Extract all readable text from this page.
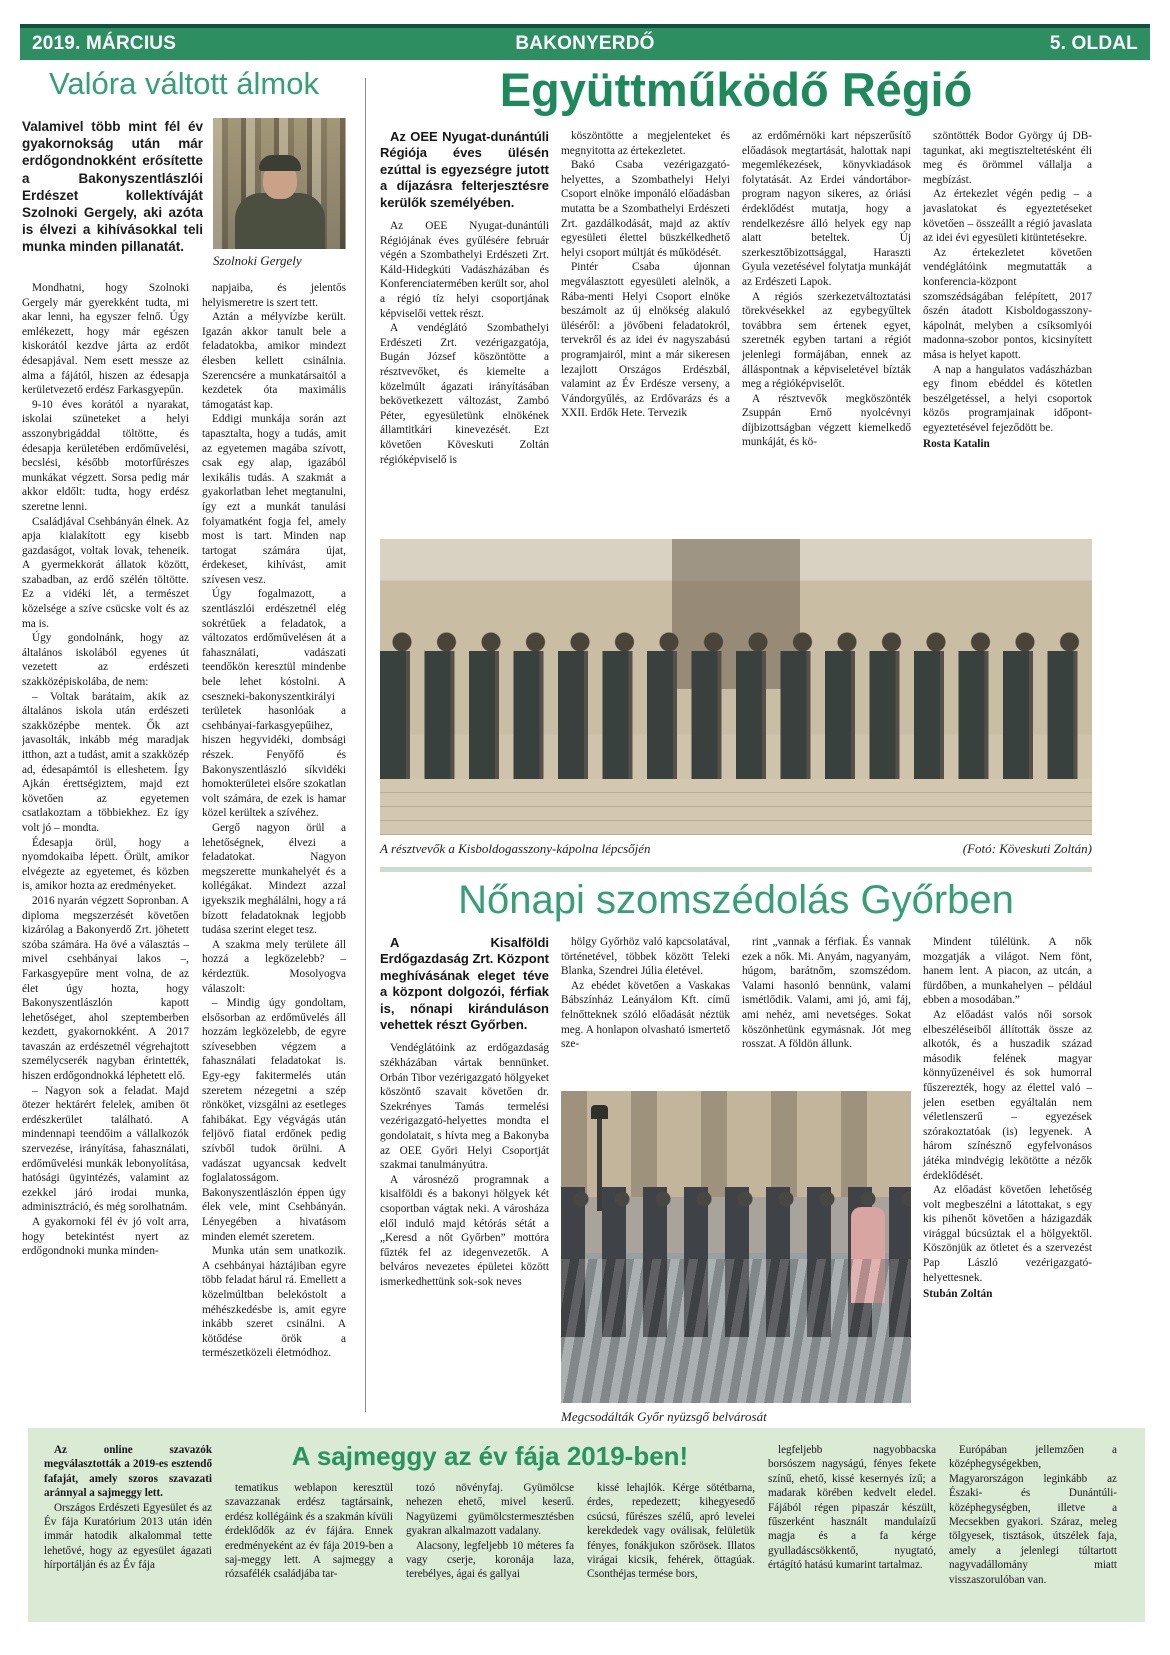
2019. MÁRCIUS	BAKONYERDŐ	5. OLDAL
Valóra váltott álmok

Valamivel több mint fél év gyakornokság után már erdőgondnokként erősítette a Bakonyszentlászlói Erdészet kollektíváját Szolnoki Gergely, aki azóta is élvezi a kihívásokkal teli munka minden pillanatát.

Szolnoki Gergely

Mondhatni, hogy Szolnoki Gergely már gyerekként tudta, mi akar lenni, ha egyszer felnő. Úgy emlékezett, hogy már egészen kiskorától kezdve járta az erdőt édesapjával. Nem esett messze az alma a fájától, hiszen az édesapja kerületvezető erdész Farkasgyepűn.

9-10 éves korától a nyarakat, iskolai szüneteket a helyi asszonybrigáddal töltötte, és édesapja kerületében erdőművelési, becslési, később motorfűrészes munkákat végzett. Sorsa pedig már akkor eldőlt: tudta, hogy erdész szeretne lenni.

Családjával Csehbányán élnek. Az apja kialakított egy kisebb gazdaságot, voltak lovak, teheneik. A gyermekkorát állatok között, szabadban, az erdő szélén töltötte. Ez a vidéki lét, a természet közelsége a szíve csücske volt és az ma is.

Úgy gondolnánk, hogy az általános iskolából egyenes út vezetett az erdészeti szakközépiskolába, de nem:

– Voltak barátaim, akik az általános iskola után erdészeti szakközépbe mentek. Ők azt javasolták, inkább még maradjak itthon, azt a tudást, amit a szakközép ad, édesapámtól is elleshetem. Így Ajkán érettségiztem, majd ezt követően az egyetemen csatlakoztam a többiekhez. Ez így volt jó – mondta.

Édesapja örül, hogy a nyomdokaiba lépett. Örült, amikor elvégezte az egyetemet, és közben is, amikor hozta az eredményeket.

2016 nyarán végzett Sopronban. A diploma megszerzését követően kizárólag a Bakonyerdő Zrt. jöhetett szóba számára. Ha övé a választás – mivel csehbányai lakos –, Farkasgyepűre ment volna, de az élet úgy hozta, hogy Bakonyszentlászlón kapott lehetőséget, ahol szeptemberben kezdett, gyakornokként. A 2017 tavaszán az erdészetnél végrehajtott személycserék nagyban érintették, hiszen erdőgondnokká léphetett elő.

– Nagyon sok a feladat. Majd ötezer hektárért felelek, amiben öt erdészkerület található. A mindennapi teendőim a vállalkozók szervezése, irányítása, fahasználati, erdőművelési munkák lebonyolítása, hatósági ügyintézés, valamint az ezekkel járó irodai munka, adminisztráció, és még sorolhatnám.

A gyakornoki fél év jó volt arra, hogy betekintést nyert az erdőgondnoki munka minden-

napjaiba, és jelentős helyismeretre is szert tett.

Aztán a mélyvízbe került. Igazán akkor tanult bele a feladatokba, amikor mindezt élesben kellett csinálnia. Szerencsére a munkatársaitól a kezdetek óta maximális támogatást kap.

Eddigi munkája során azt tapasztalta, hogy a tudás, amit az egyetemen magába szívott, csak egy alap, igazából lexikális tudás. A szakmát a gyakorlatban lehet megtanulni, így ezt a munkát tanulási folyamatként fogja fel, amely most is tart. Minden nap tartogat számára újat, érdekeset, kihívást, amit szívesen vesz.

Úgy fogalmazott, a szentlászlói erdészetnél elég sokrétűek a feladatok, a változatos erdőművelésen át a fahasználati, vadászati teendőkön keresztül mindenbe bele lehet kóstolni. A cseszneki-bakonyszentkirályi területek hasonlóak a csehbányai-farkasgyepűihez, hiszen hegyvidéki, dombsági részek. Fenyőfő és Bakonyszentlászló síkvidéki homokterületei elsőre szokatlan volt számára, de ezek is hamar közel kerültek a szívéhez.

Gergő nagyon örül a lehetőségnek, élvezi a feladatokat. Nagyon megszerette munkahelyét és a kollégákat. Mindezt azzal igyekszik meghálálni, hogy a rá bízott feladatoknak legjobb tudása szerint eleget tesz.

A szakma mely területe áll hozzá a legközelebb? – kérdeztük. Mosolyogva válaszolt:

– Mindig úgy gondoltam, elsősorban az erdőművelés áll hozzám legközelebb, de egyre szívesebben végzem a fahasználati feladatokat is. Egy-egy fakitermelés után szeretem nézegetni a szép rönköket, vizsgálni az esetleges fahibákat. Egy végvágás után feljövő fiatal erdőnek pedig szívből tudok örülni. A vadászat ugyancsak kedvelt foglalatosságom. Bakonyszentlászlón éppen úgy élek vele, mint Csehbányán. Lényegében a hivatásom minden elemét szeretem.

Munka után sem unatkozik. A csehbányai háztájiban egyre több feladat hárul rá. Emellett a közelmúltban belekóstolt a méhészkedésbe is, amit egyre inkább szeret csinálni. A kötődése örök a természetközeli életmódhoz.

Együttműködő Régió

Az OEE Nyugat-dunántúli Régiója éves ülésén ezúttal is egyezségre jutott a díjazásra felterjesztésre kerülők személyében.

Az OEE Nyugat-dunántúli Régiójának éves gyűlésére február végén a Szombathelyi Erdészeti Zrt. Káld-Hidegkúti Vadászházában és Konferenciatermében került sor, ahol a régió tíz helyi csoportjának képviselői vettek részt.

A vendéglátó Szombathelyi Erdészeti Zrt. vezérigazgatója, Bugán József köszöntötte a résztvevőket, és kiemelte a közelmúlt ágazati irányításában bekövetkezett változást, Zambó Péter, egyesületünk elnökének államtitkári kinevezését. Ezt követően Köveskuti Zoltán régióképviselő is

köszöntötte a megjelenteket és megnyitotta az értekezletet.

Bakó Csaba vezérigazgató-helyettes, a Szombathelyi Helyi Csoport elnöke imponáló előadásban mutatta be a Szombathelyi Erdészeti Zrt. gazdálkodását, majd az aktív egyesületi élettel büszkélkedhető helyi csoport múltját és működését.

Pintér Csaba újonnan megválasztott egyesületi alelnök, a Rába-menti Helyi Csoport elnöke beszámolt az új elnökség alakuló üléséről: a jövőbeni feladatokról, tervekről és az idei év nagyszabású programjairól, mint a már sikeresen lezajlott Országos Erdészbál, valamint az Év Erdésze verseny, a Vándorgyűlés, az Erdővarázs és a XXII. Erdők Hete. Tervezik

az erdőmérnöki kart népszerűsítő előadások megtartását, halottak napi megemlékezések, könyvkiadások folytatását. Az Erdei vándortábor-program nagyon sikeres, az óriási érdeklődést mutatja, hogy a rendelkezésre álló helyek egy nap alatt beteltek. Új szerkesztőbizottsággal, Haraszti Gyula vezetésével folytatja munkáját az Erdészeti Lapok.

A régiós szerkezetváltoztatási törekvésekkel az egybegyűltek továbbra sem értenek egyet, szeretnék egyben tartani a régiót jelenlegi formájában, ennek az álláspontnak a képviseletével bízták meg a régióképviselőt.

A résztvevők megköszönték Zsuppán Ernő nyolcévnyi díjbizottságban végzett kiemelkedő munkáját, és kö-

szöntötték Bodor György új DB-tagunkat, aki megtiszteltetésként éli meg és örömmel vállalja a megbízást.

Az értekezlet végén pedig – a javaslatokat és egyeztetéseket követően – összeállt a régió javaslata az idei évi egyesületi kitüntetésekre.

Az értekezletet követően vendéglátóink megmutatták a konferencia-központ szomszédságában felépített, 2017 őszén átadott Kisboldogasszony-kápolnát, melyben a csíksomlyói madonna-szobor pontos, kicsinyített mása is helyet kapott.

A nap a hangulatos vadászházban egy finom ebéddel és kötetlen beszélgetéssel, a helyi csoportok közös programjainak időpont-egyeztetésével fejeződött be.

Rosta Katalin

A résztvevők a Kisboldogasszony-kápolna lépcsőjén	(Fotó: Köveskuti Zoltán)
Nőnapi szomszédolás Győrben

A Kisalföldi Erdőgazdaság Zrt. Központ meghívásának eleget téve a központ dolgozói, férfiak is, nőnapi kiránduláson vehettek részt Győrben.

Vendéglátóink az erdőgazdaság székházában vártak bennünket. Orbán Tibor vezérigazgató hölgyeket köszöntő szavait követően dr. Szekrényes Tamás termelési vezérigazgató-helyettes mondta el gondolatait, s hívta meg a Bakonyba az OEE Győri Helyi Csoportját szakmai tanulmányútra.

A városnéző programnak a kisalföldi és a bakonyi hölgyek két csoportban vágtak neki. A városháza elől induló majd kétórás sétát a „Keresd a nőt Győrben” mottóra fűzték fel az idegenvezetők. A belváros nevezetes épületei között ismerkedhettünk sok-sok neves

hölgy Győrhöz való kapcsolatával, történetével, többek között Teleki Blanka, Szendrei Júlia életével.

Az ebédet követően a Vaskakas Bábszínház Leányálom Kft. című felnőtteknek szóló előadását néztük meg. A honlapon olvasható ismertető sze-

rint „vannak a férfiak. És vannak ezek a nők. Mi. Anyám, nagyanyám, húgom, barátnőm, szomszédom. Valami hasonló bennünk, valami ismétlődik. Valami, ami jó, ami fáj, ami nehéz, ami nevetséges. Sokat köszönhetünk egymásnak. Jót meg rosszat. A földön állunk.

Megcsodálták Győr nyüzsgő belvárosát

Mindent túlélünk. A nők mozgatják a világot. Nem fönt, hanem lent. A piacon, az utcán, a fürdőben, a munkahelyen – például ebben a mosodában.”

Az előadást valós női sorsok elbeszéléseiből állították össze az alkotók, és a huszadik század második felének magyar könnyűzenéivel és sok humorral fűszerezték, hogy az élettel való – jelen esetben egyáltalán nem véletlenszerű – egyezések szórakoztatóak (is) legyenek. A három színésznő egyfelvonásos játéka mindvégig lekötötte a nézők érdeklődését.

Az előadást követően lehetőség volt megbeszélni a látottakat, s egy kis pihenőt követően a házigazdák virággal búcsúztak el a hölgyektől. Köszönjük az ötletet és a szervezést Pap László vezérigazgató-helyettesnek.

Stubán Zoltán

Az online szavazók megválasztották a 2019-es esztendő fafaját, amely szoros szavazati aránnyal a sajmeggy lett.

Országos Erdészeti Egyesület és az Év fája Kuratórium 2013 után idén immár hatodik alkalommal tette lehetővé, hogy az egyesület ágazati hírportálján és az Év fája

A sajmeggy az év fája 2019-ben!

tematikus weblapon keresztül szavazzanak erdész tagtársaink, erdész kollégáink és a szakmán kívüli érdeklődők az év fájára. Ennek eredményeként az év fája 2019-ben a saj-meggy lett. A sajmeggy a rózsafélék családjába tar-

tozó növényfaj. Gyümölcse nehezen ehető, mivel keserű. Nagyüzemi gyümölcstermesztésben gyakran alkalmazott vadalany.

Alacsony, legfeljebb 10 méteres fa vagy cserje, koronája laza, terebélyes, ágai és gallyai

kissé lehajlók. Kérge sötétbarna, érdes, repedezett; kihegyesedő csúcsú, fűrészes szélű, apró levelei kerekdedek vagy oválisak, felületük fényes, fonákjukon szőrösek. Illatos virágai kicsik, fehérek, öttagúak. Csonthéjas termése bors,

legfeljebb nagyobbacska borsószem nagyságú, fényes fekete színű, ehető, kissé kesernyés ízű; a madarak körében kedvelt eledel. Fájából régen pipaszár készült, fűszerként használt mandulaízű magja és a fa kérge gyulladáscsökkentő, nyugtató, értágító hatású kumarint tartalmaz.

Európában jellemzően a középhegységekben, Magyarországon leginkább az Északi- és Dunántúli-középhegységben, illetve a Mecsekben gyakori. Száraz, meleg tölgyesek, tisztások, útszélek faja, amely a jelenlegi túltartott nagyvadállomány miatt visszaszorulóban van.
